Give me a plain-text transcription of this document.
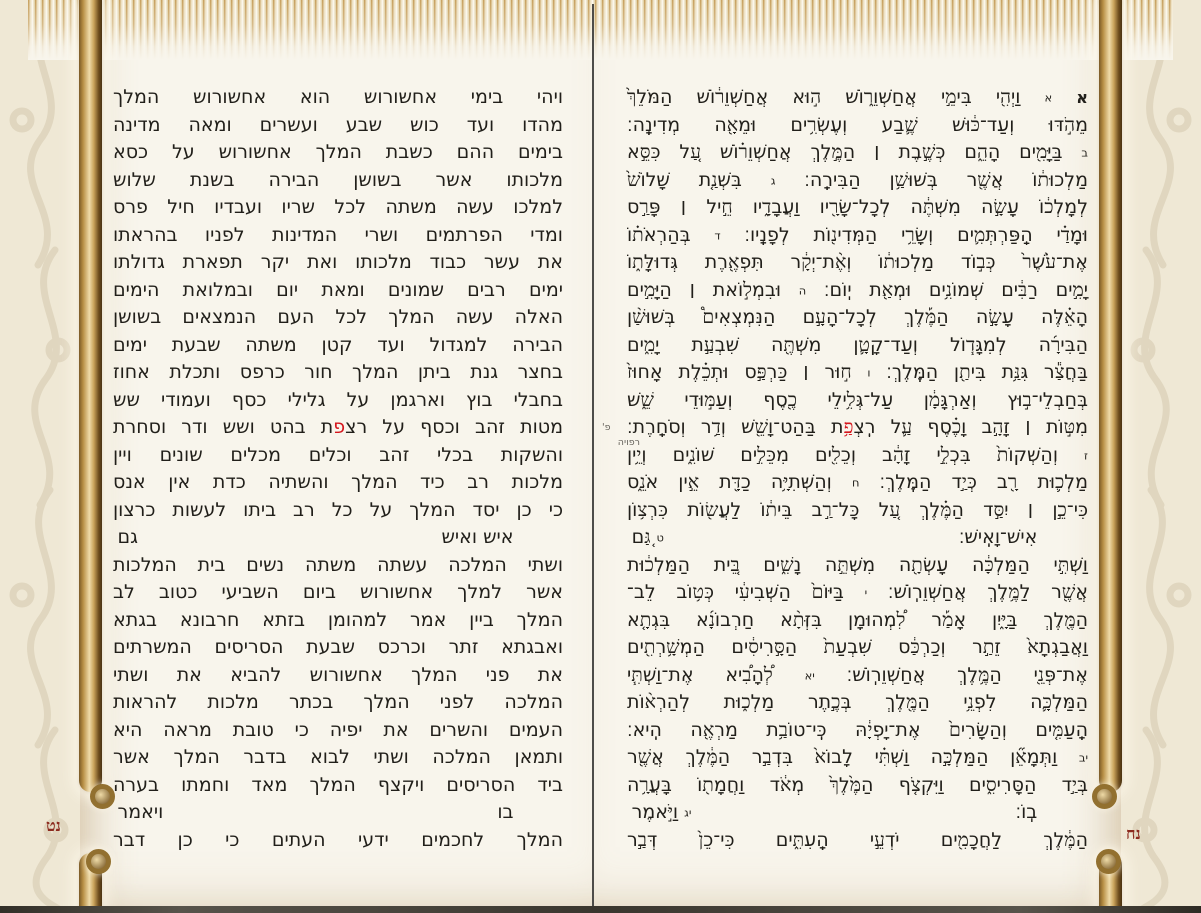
נט	נח
ויהי בימי אחשורוש הוא אחשורוש המלך
מהדו ועד כוש שבע ועשרים ומאה מדינה
בימים ההם כשבת המלך אחשורוש על כסא
מלכותו אשר בשושן הבירה בשנת שלוש
למלכו עשה משתה לכל שריו ועבדיו חיל פרס
ומדי הפרתמים ושרי המדינות לפניו בהראתו
את עשר כבוד מלכותו ואת יקר תפארת גדולתו
ימים רבים שמונים ומאת יום ובמלואת הימים
האלה עשה המלך לכל העם הנמצאים בשושן
הבירה למגדול ועד קטן משתה שבעת ימים
בחצר גנת ביתן המלך חור כרפס ותכלת אחוז
בחבלי בוץ וארגמן על גלילי כסף ועמודי שש
מטות זהב וכסף על רצפת בהט ושש ודר וסחרת
והשקות בכלי זהב וכלים מכלים שונים ויין
מלכות רב כיד המלך והשתיה כדת אין אנס
כי כן יסד המלך על כל רב ביתו לעשות כרצון
איש ואיש
גם
ושתי המלכה עשתה משתה נשים בית המלכות
אשר למלך אחשורוש ביום השביעי כטוב לב
המלך ביין אמר למהומן בזתא חרבונא בגתא
ואבגתא זתר וכרכס שבעת הסריסים המשרתים
את פני המלך אחשורוש להביא את ושתי
המלכה לפני המלך בכתר מלכות להראות
העמים והשרים את יפיה כי טובת מראה היא
ותמאן המלכה ושתי לבוא בדבר המלך אשר
ביד הסריסים ויקצף המלך מאד וחמתו בערה
בו
ויאמר
המלך לחכמים ידעי העתים כי כן דבר
א א וַיְהִ֖י בִּימֵ֣י אֲחַשְׁוֵר֑וֹשׁ ה֣וּא אֲחַשְׁוֵר֔וֹשׁ הַמֹּלֵךְ֙
מֵהֹ֣דּוּ וְעַד־כּ֔וּשׁ שֶׁ֛בַע וְעֶשְׂרִ֥ים וּמֵאָ֖ה מְדִינָֽה׃
ב בַּיָּמִ֖ים הָהֵ֑ם כְּשֶׁ֣בֶת ׀ הַמֶּ֣לֶךְ אֲחַשְׁוֵר֗וֹשׁ עַ֚ל כִּסֵּ֣א
מַלְכוּת֔וֹ אֲשֶׁ֖ר בְּשׁוּשַׁ֥ן הַבִּירָֽה׃ ג בִּשְׁנַ֤ת שָׁלוֹשׁ֙
לְמָלְכ֔וֹ עָשָׂ֣ה מִשְׁתֶּ֔ה לְכָל־שָׂרָ֖יו וַעֲבָדָ֑יו חֵ֣יל ׀ פָּרַ֣ס
וּמָדַ֗י הַֽפַּרְתְּמִ֛ים וְשָׂרֵ֥י הַמְּדִינ֖וֹת לְפָנָֽיו׃ ד בְּהַרְאֹת֗וֹ
אֶת־עֹ֙שֶׁר֙ כְּב֣וֹד מַלְכוּת֔וֹ וְאֶ֨ת־יְקָ֔ר תִּפְאֶ֖רֶת גְּדוּלָּת֑וֹ
יָמִ֣ים רַבִּ֔ים שְׁמוֹנִ֥ים וּמְאַ֖ת יֽוֹם׃ ה וּבִמְל֣וֹאת ׀ הַיָּמִ֣ים
הָאֵ֗לֶּה עָשָׂ֣ה הַמֶּ֡לֶךְ לְכָל־הָעָ֣ם הַנִּמְצְאִים֩ בְּשׁוּשַׁ֨ן
הַבִּירָ֜ה לְמִגָּד֧וֹל וְעַד־קָטָ֛ן מִשְׁתֶּ֖ה שִׁבְעַ֣ת יָמִ֑ים
בַּחֲצַ֕ר גִּנַּ֥ת בִּיתַ֖ן הַמֶּֽלֶךְ׃ ו ח֣וּר ׀ כַּרְפַּ֣ס וּתְכֵ֗לֶת אָחוּז֙
בְּחַבְלֵי־ב֣וּץ וְאַרְגָּמָ֔ן עַל־גְּלִ֥ילֵי כֶ֖סֶף וְעַמּ֣וּדֵי שֵׁ֑שׁ
מִטּ֣וֹת ׀ זָהָ֣ב וָכֶ֗סֶף עַ֛ל רִֽצְפַ֥ת בַּהַט־וָשֵׁ֖שׁ וְדַ֥ר וְסֹחָֽרֶת׃
ז וְהַשְׁקוֹת֙ בִּכְלֵ֣י זָהָ֔ב וְכֵלִ֖ים מִכֵּלִ֣ים שׁוֹנִ֑ים וְיֵ֥ין
מַלְכ֛וּת רָ֖ב כְּיַ֣ד הַמֶּֽלֶךְ׃ ח וְהַשְּׁתִיָּ֥ה כַדָּ֖ת אֵ֣ין אֹנֵ֑ס
כִּי־כֵ֣ן ׀ יִסַּ֣ד הַמֶּ֗לֶךְ עַ֚ל כָּל־רַ֣ב בֵּית֔וֹ לַעֲשׂ֖וֹת כִּרְצ֥וֹן
אִישׁ־וָאִֽישׁ׃
ט גַּ֚ם
וַשְׁתִּ֣י הַמַּלְכָּ֔ה עָשְׂתָ֖ה מִשְׁתֵּ֣ה נָשִׁ֑ים בֵּ֚ית הַמַּלְכ֔וּת
אֲשֶׁ֖ר לַמֶּ֥לֶךְ אֲחַשְׁוֵרֽוֹשׁ׃ י בַּיּוֹם֙ הַשְּׁבִיעִ֔י כְּט֥וֹב לֵב־
הַמֶּ֖לֶךְ בַּיָּ֑יִן אָמַ֡ר לִ֠מְהוּמָן בִּזְּתָ֨א חַרְבוֹנָ֜א בִּגְתָ֤א
וַאֲבַגְתָא֙ זֵתַ֣ר וְכַרְכַּ֔ס שִׁבְעַת֙ הַסָּ֣רִיסִ֔ים הַמְשָׁ֥רְתִ֖ים
אֶת־פְּנֵ֖י הַמֶּ֥לֶךְ אֲחַשְׁוֵרֽוֹשׁ׃ יא לְ֠הָבִ֠יא אֶת־וַשְׁתִּ֧י
הַמַּלְכָּ֛ה לִפְנֵ֥י הַמֶּ֖לֶךְ בְּכֶ֣תֶר מַלְכ֑וּת לְהַרְא֨וֹת
הָֽעַמִּ֤ים וְהַשָּׂרִים֙ אֶת־יָפְיָ֔הּ כִּֽי־טוֹבַ֥ת מַרְאֶ֖ה הִֽיא׃
יב וַתְּמָאֵ֞ן הַמַּלְכָּ֣ה וַשְׁתִּ֗י לָבוֹא֙ בִּדְבַ֣ר הַמֶּ֔לֶךְ אֲשֶׁ֖ר
בְּיַ֣ד הַסָּרִיסִ֑ים וַיִּקְצֹ֤ף הַמֶּ֙לֶךְ֙ מְאֹ֔ד וַחֲמָת֖וֹ בָּעֲרָ֥ה
בֽוֹ׃
יג וַיֹּ֣אמֶר
הַמֶּ֔לֶךְ לַחֲכָמִ֖ים יֹדְעֵ֣י הָֽעִתִּ֑ים כִּי־כֵן֙ דְּבַ֣ר
פ'
רפויה
